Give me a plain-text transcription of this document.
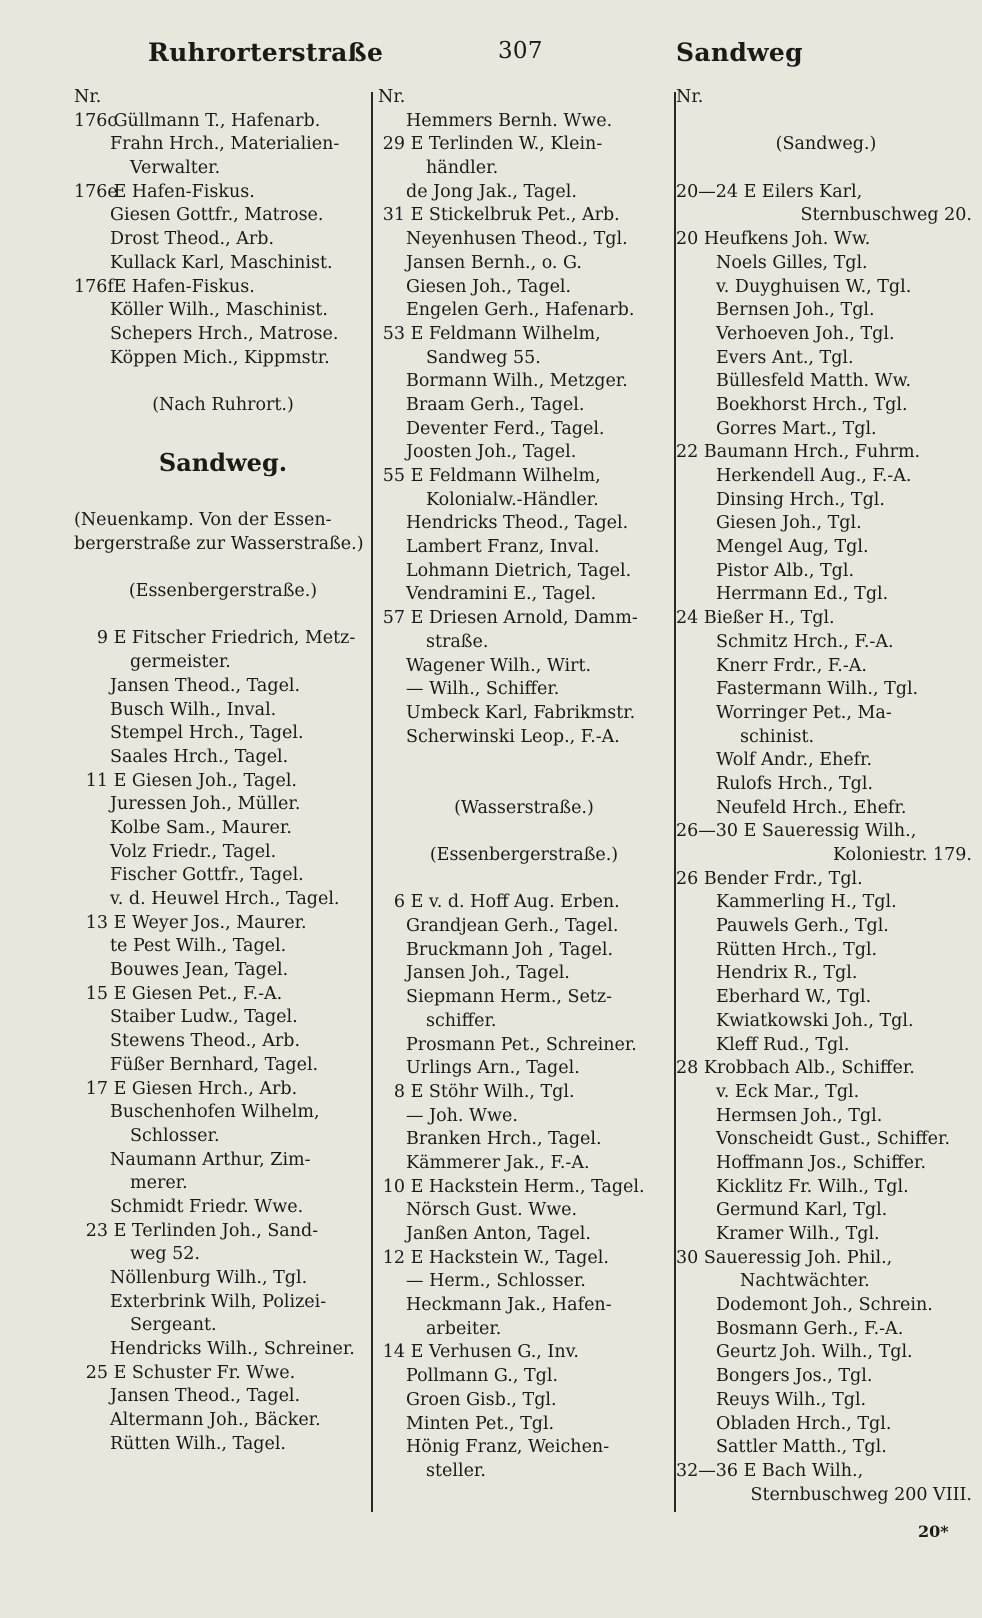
Ruhrorterstraße	307	Sandweg
Nr.
176c Güllmann T., Hafenarb.
Frahn Hrch., Materialien-
Verwalter.
176e E Hafen-Fiskus.
Giesen Gottfr., Matrose.
Drost Theod., Arb.
Kullack Karl, Maschinist.
176f E Hafen-Fiskus.
Köller Wilh., Maschinist.
Schepers Hrch., Matrose.
Köppen Mich., Kippmstr.
(Nach Ruhrort.)
Sandweg.
(Neuenkamp. Von der Essen-
bergerstraße zur Wasserstraße.)
(Essenbergerstraße.)
9 E Fitscher Friedrich, Metz-
germeister.
Jansen Theod., Tagel.
Busch Wilh., Inval.
Stempel Hrch., Tagel.
Saales Hrch., Tagel.
11 E Giesen Joh., Tagel.
Juressen Joh., Müller.
Kolbe Sam., Maurer.
Volz Friedr., Tagel.
Fischer Gottfr., Tagel.
v. d. Heuwel Hrch., Tagel.
13 E Weyer Jos., Maurer.
te Pest Wilh., Tagel.
Bouwes Jean, Tagel.
15 E Giesen Pet., F.-A.
Staiber Ludw., Tagel.
Stewens Theod., Arb.
Füßer Bernhard, Tagel.
17 E Giesen Hrch., Arb.
Buschenhofen Wilhelm,
Schlosser.
Naumann Arthur, Zim-
merer.
Schmidt Friedr. Wwe.
23 E Terlinden Joh., Sand-
weg 52.
Nöllenburg Wilh., Tgl.
Exterbrink Wilh, Polizei-
Sergeant.
Hendricks Wilh., Schreiner.
25 E Schuster Fr. Wwe.
Jansen Theod., Tagel.
Altermann Joh., Bäcker.
Rütten Wilh., Tagel.
Nr.
Hemmers Bernh. Wwe.
29 E Terlinden W., Klein-
händler.
de Jong Jak., Tagel.
31 E Stickelbruk Pet., Arb.
Neyenhusen Theod., Tgl.
Jansen Bernh., o. G.
Giesen Joh., Tagel.
Engelen Gerh., Hafenarb.
53 E Feldmann Wilhelm,
Sandweg 55.
Bormann Wilh., Metzger.
Braam Gerh., Tagel.
Deventer Ferd., Tagel.
Joosten Joh., Tagel.
55 E Feldmann Wilhelm,
Kolonialw.-Händler.
Hendricks Theod., Tagel.
Lambert Franz, Inval.
Lohmann Dietrich, Tagel.
Vendramini E., Tagel.
57 E Driesen Arnold, Damm-
straße.
Wagener Wilh., Wirt.
— Wilh., Schiffer.
Umbeck Karl, Fabrikmstr.
Scherwinski Leop., F.-A.
(Wasserstraße.)
(Essenbergerstraße.)
6 E v. d. Hoff Aug. Erben.
Grandjean Gerh., Tagel.
Bruckmann Joh , Tagel.
Jansen Joh., Tagel.
Siepmann Herm., Setz-
schiffer.
Prosmann Pet., Schreiner.
Urlings Arn., Tagel.
8 E Stöhr Wilh., Tgl.
— Joh. Wwe.
Branken Hrch., Tagel.
Kämmerer Jak., F.-A.
10 E Hackstein Herm., Tagel.
Nörsch Gust. Wwe.
Janßen Anton, Tagel.
12 E Hackstein W., Tagel.
— Herm., Schlosser.
Heckmann Jak., Hafen-
arbeiter.
14 E Verhusen G., Inv.
Pollmann G., Tgl.
Groen Gisb., Tgl.
Minten Pet., Tgl.
Hönig Franz, Weichen-
steller.
Nr.
(Sandweg.)
20—24 E Eilers Karl,
Sternbuschweg 20.
20 Heufkens Joh. Ww.
Noels Gilles, Tgl.
v. Duyghuisen W., Tgl.
Bernsen Joh., Tgl.
Verhoeven Joh., Tgl.
Evers Ant., Tgl.
Büllesfeld Matth. Ww.
Boekhorst Hrch., Tgl.
Gorres Mart., Tgl.
22 Baumann Hrch., Fuhrm.
Herkendell Aug., F.-A.
Dinsing Hrch., Tgl.
Giesen Joh., Tgl.
Mengel Aug, Tgl.
Pistor Alb., Tgl.
Herrmann Ed., Tgl.
24 Bießer H., Tgl.
Schmitz Hrch., F.-A.
Knerr Frdr., F.-A.
Fastermann Wilh., Tgl.
Worringer Pet., Ma-
schinist.
Wolf Andr., Ehefr.
Rulofs Hrch., Tgl.
Neufeld Hrch., Ehefr.
26—30 E Saueressig Wilh.,
Koloniestr. 179.
26 Bender Frdr., Tgl.
Kammerling H., Tgl.
Pauwels Gerh., Tgl.
Rütten Hrch., Tgl.
Hendrix R., Tgl.
Eberhard W., Tgl.
Kwiatkowski Joh., Tgl.
Kleff Rud., Tgl.
28 Krobbach Alb., Schiffer.
v. Eck Mar., Tgl.
Hermsen Joh., Tgl.
Vonscheidt Gust., Schiffer.
Hoffmann Jos., Schiffer.
Kicklitz Fr. Wilh., Tgl.
Germund Karl, Tgl.
Kramer Wilh., Tgl.
30 Saueressig Joh. Phil.,
Nachtwächter.
Dodemont Joh., Schrein.
Bosmann Gerh., F.-A.
Geurtz Joh. Wilh., Tgl.
Bongers Jos., Tgl.
Reuys Wilh., Tgl.
Obladen Hrch., Tgl.
Sattler Matth., Tgl.
32—36 E Bach Wilh.,
Sternbuschweg 200 VIII.
20*
